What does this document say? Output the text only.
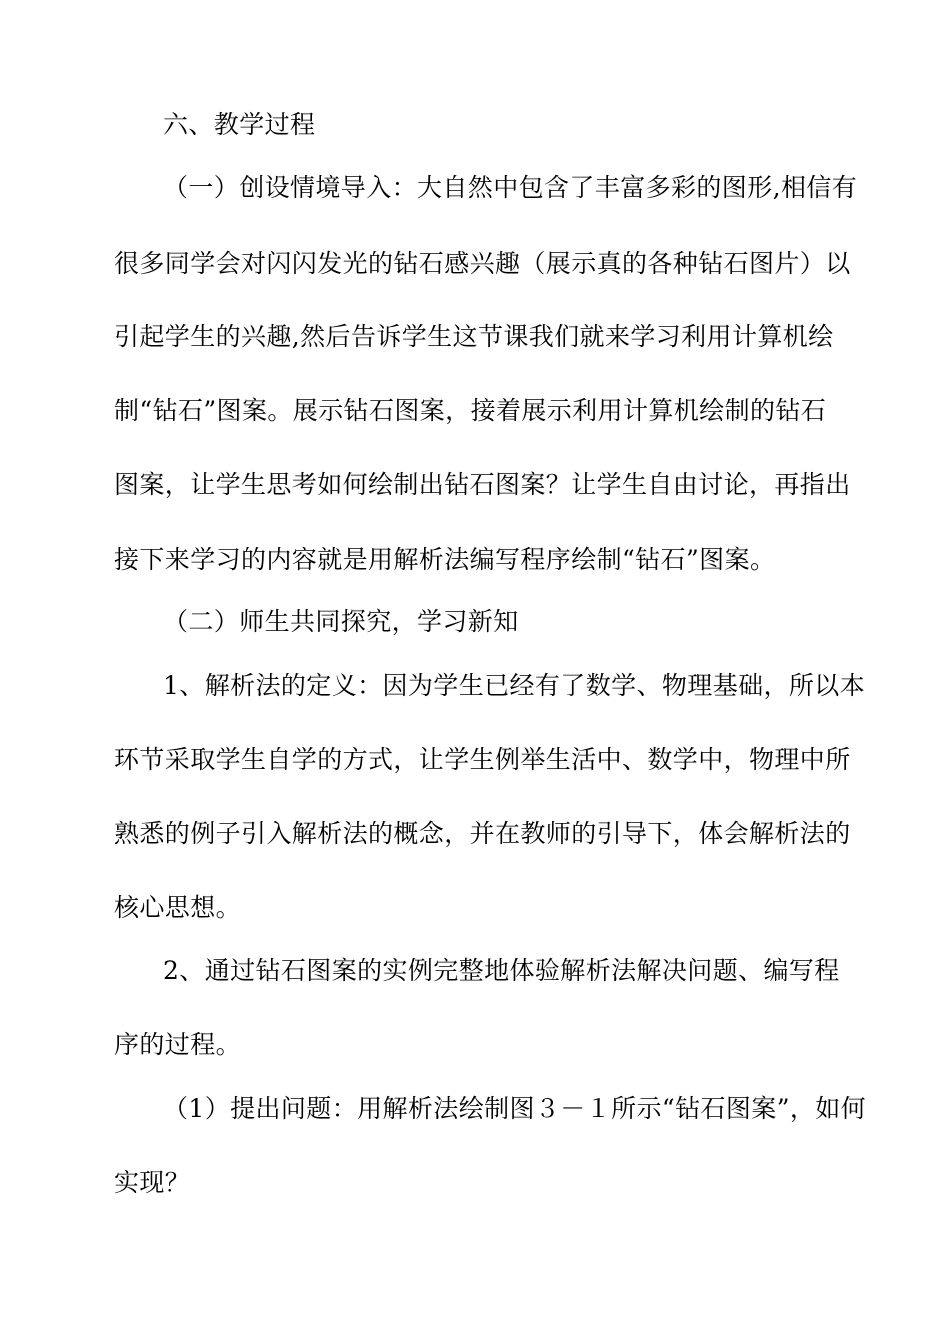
六、教学过程
（一）创设情境导入：大自然中包含了丰富多彩的图形,相信有
很多同学会对闪闪发光的钻石感兴趣（展示真的各种钻石图片）以
引起学生的兴趣,然后告诉学生这节课我们就来学习利用计算机绘
制“钻石”图案。展示钻石图案，接着展示利用计算机绘制的钻石
图案，让学生思考如何绘制出钻石图案？让学生自由讨论，再指出
接下来学习的内容就是用解析法编写程序绘制“钻石”图案。
（二）师生共同探究，学习新知
1、解析法的定义：因为学生已经有了数学、物理基础，所以本
环节采取学生自学的方式，让学生例举生活中、数学中，物理中所
熟悉的例子引入解析法的概念，并在教师的引导下，体会解析法的
核心思想。
2、通过钻石图案的实例完整地体验解析法解决问题、编写程
序的过程。
（1）提出问题：用解析法绘制图３－１所示“钻石图案”，如何
实现？
